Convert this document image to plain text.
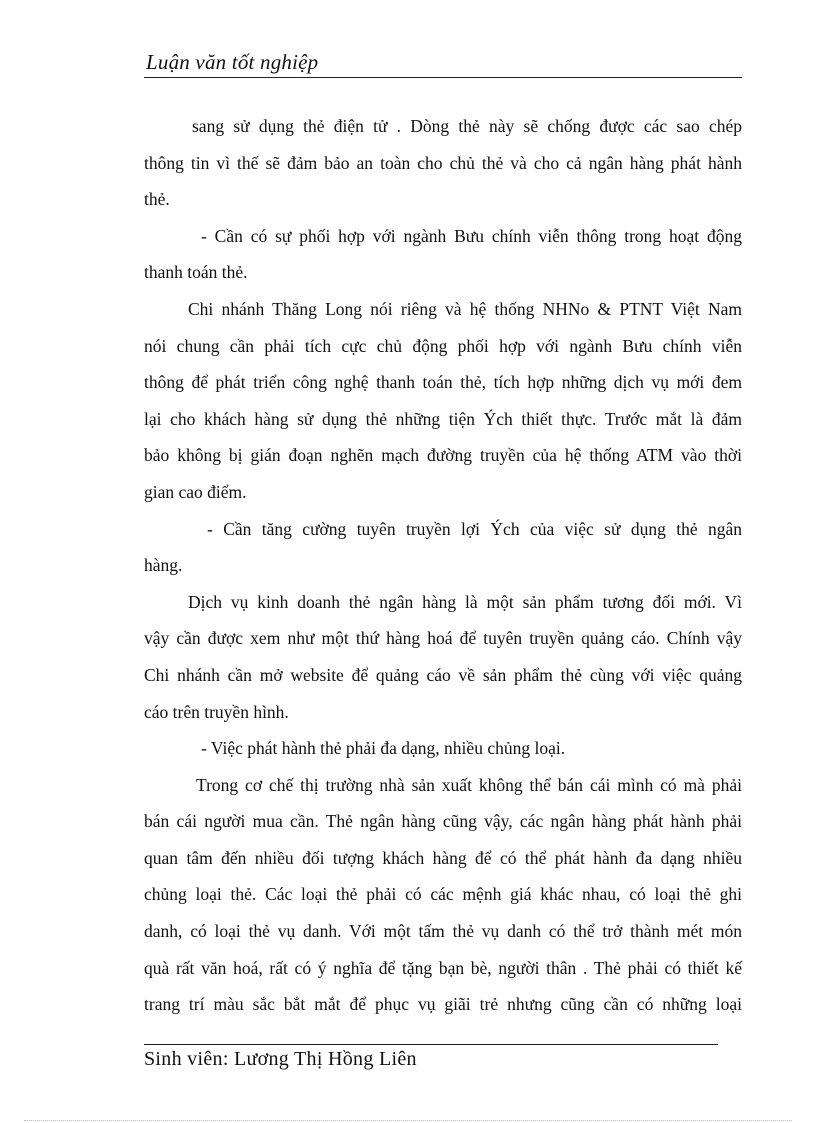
Luận văn tốt nghiệp
sang sử dụng thẻ điện tử . Dòng thẻ này sẽ chống được các sao chép
thông tin vì thế sẽ đảm bảo an toàn cho chủ thẻ và cho cả ngân hàng phát hành
thẻ.
- Cần có sự phối hợp với ngành Bưu chính viễn thông trong hoạt động
thanh toán thẻ.
Chi nhánh Thăng Long nói riêng và hệ thống NHNo & PTNT Việt Nam
nói chung cần phải tích cực chủ động phối hợp với ngành Bưu chính viễn
thông để phát triển công nghệ thanh toán thẻ, tích hợp những dịch vụ mới đem
lại cho khách hàng sử dụng thẻ những tiện Ých thiết thực. Trước mắt là đảm
bảo không bị gián đoạn nghẽn mạch đường truyền của hệ thống ATM vào thời
gian cao điểm.
- Cần tăng cường tuyên truyền lợi Ých của việc sử dụng thẻ ngân
hàng.
Dịch vụ kinh doanh thẻ ngân hàng là một sản phẩm tương đối mới. Vì
vậy cần được xem như một thứ hàng hoá để tuyên truyền quảng cáo. Chính vậy
Chi nhánh cần mở website để quảng cáo về sản phẩm thẻ cùng với việc quảng
cáo trên truyền hình.
- Việc phát hành thẻ phải đa dạng, nhiều chủng loại.
Trong cơ chế thị trường nhà sản xuất không thể bán cái mình có mà phải
bán cái người mua cần. Thẻ ngân hàng cũng vậy, các ngân hàng phát hành phải
quan tâm đến nhiều đối tượng khách hàng để có thể phát hành đa dạng nhiều
chủng loại thẻ. Các loại thẻ phải có các mệnh giá khác nhau, có loại thẻ ghi
danh, có loại thẻ vụ danh. Với một tấm thẻ vụ danh có thể trở thành mét món
quà rất văn hoá, rất có ý nghĩa để tặng bạn bè, người thân . Thẻ phải có thiết kế
trang trí màu sắc bắt mắt để phục vụ giãi trẻ nhưng cũng cần có những loại
Sinh viên: Lương Thị Hồng Liên
